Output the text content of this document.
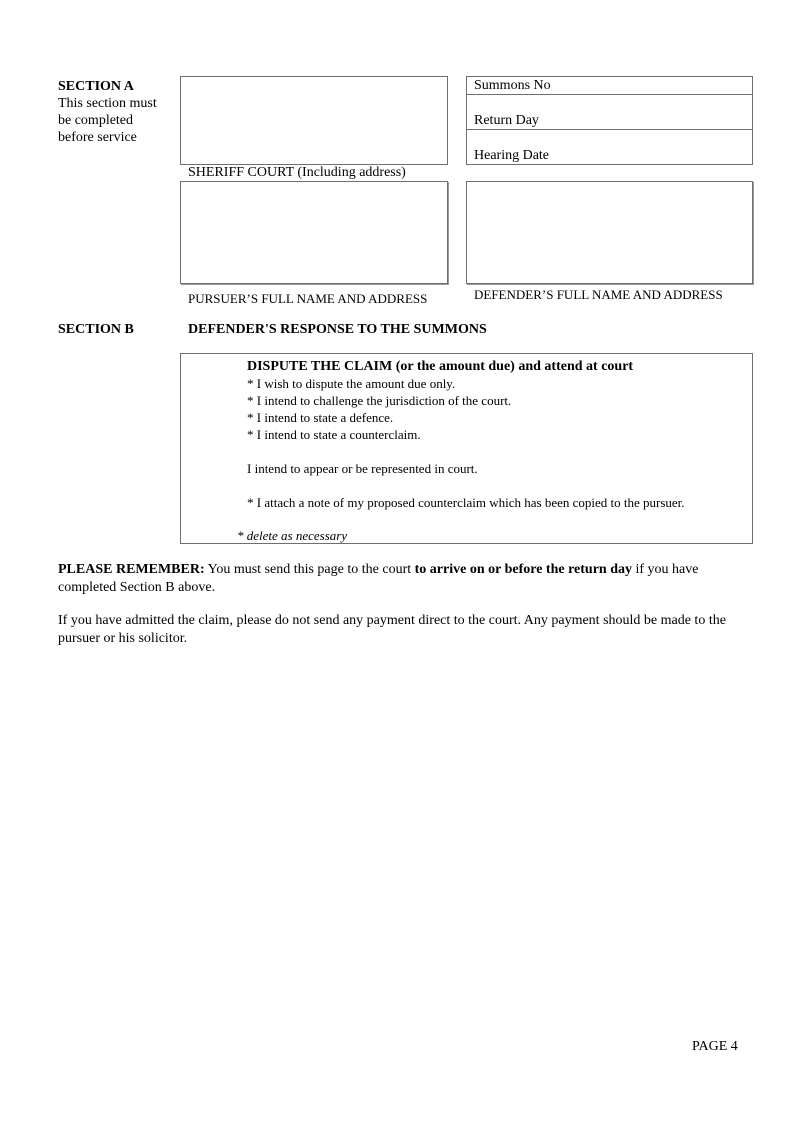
SECTION A
This section must
be completed
before service
SHERIFF COURT (Including address)
Summons No
Return Day
Hearing Date
PURSUER’S FULL NAME AND ADDRESS	DEFENDER’S FULL NAME AND ADDRESS
SECTION B	DEFENDER'S RESPONSE TO THE SUMMONS
DISPUTE THE CLAIM (or the amount due) and attend at court
* I wish to dispute the amount due only.
* I intend to challenge the jurisdiction of the court.
* I intend to state a defence.
* I intend to state a counterclaim.
I intend to appear or be represented in court.
* I attach a note of my proposed counterclaim which has been copied to the pursuer.
* delete as necessary
PLEASE REMEMBER: You must send this page to the court to arrive on or before the return day if you have completed Section B above.
If you have admitted the claim, please do not send any payment direct to the court. Any payment should be made to the pursuer or his solicitor.
PAGE 4
